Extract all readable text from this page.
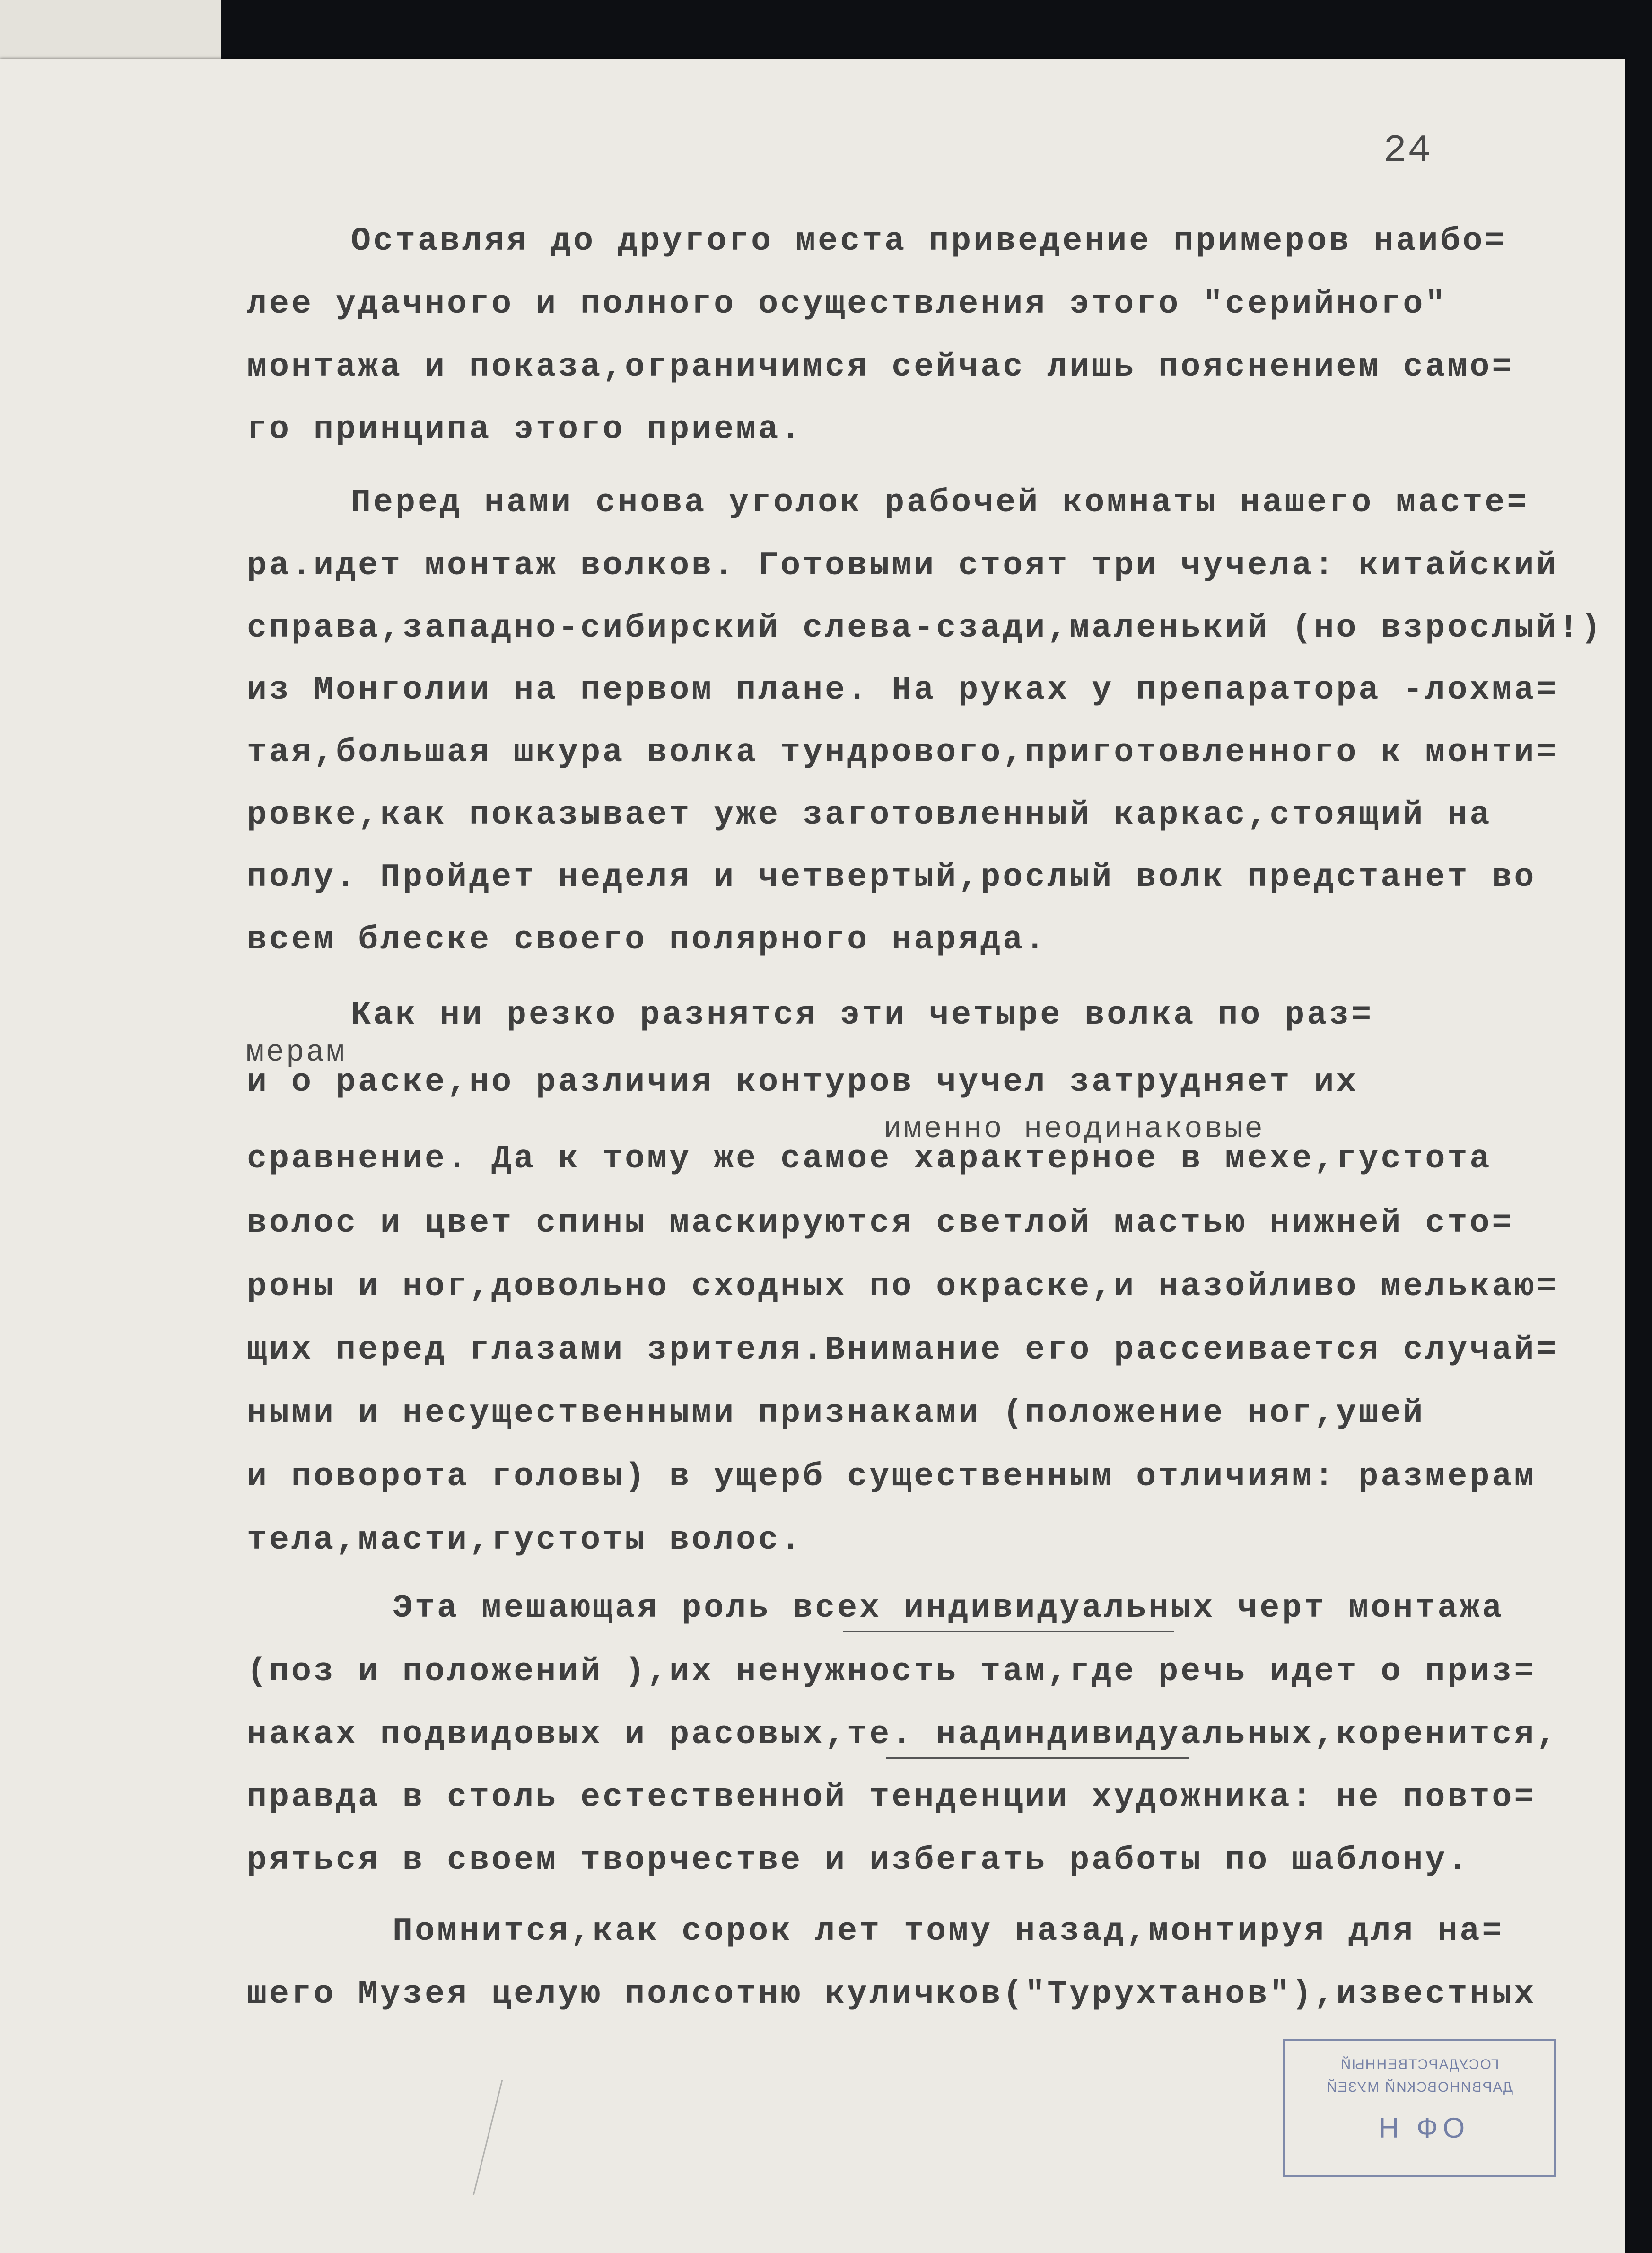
24
Оставляя до другого места приведение примеров наибо=
лее удачного и полного осуществления этого "серийного"
монтажа и показа,ограничимся сейчас лишь пояснением само=
го принципа этого приема.
Перед нами снова уголок рабочей комнаты нашего масте=
ра.идет монтаж волков. Готовыми стоят три чучела: китайский
справа,западно-сибирский слева-сзади,маленький (но взрослый!)
из Монголии на первом плане. На руках у препаратора -лохма=
тая,большая шкура волка тундрового,приготовленного к монти=
ровке,как показывает уже заготовленный каркас,стоящий на
полу. Пройдет неделя и четвертый,рослый волк предстанет во
всем блеске своего полярного наряда.
Как ни резко разнятся эти четыре волка по раз=
мерам
и о раске,но различия контуров чучел затрудняет их
именно неодинаковые
сравнение. Да к тому же самое характерное в мехе,густота
волос и цвет спины маскируются светлой мастью нижней сто=
роны и ног,довольно сходных по окраске,и назойливо мелькаю=
щих перед глазами зрителя.Внимание его рассеивается случай=
ными и несущественными признаками (положение ног,ушей
и поворота головы) в ущерб существенным отличиям: размерам
тела,масти,густоты волос.
Эта мешающая роль всех индивидуальных черт монтажа
(поз и положений ),их ненужность там,где речь идет о приз=
наках подвидовых и расовых,те. надиндивидуальных,коренится,
правда в столь естественной тенденции художника: не повто=
ряться в своем творчестве и избегать работы по шаблону.
Помнится,как сорок лет тому назад,монтируя для на=
шего Музея целую полсотню куличков("Турухтанов"),известных
ГОСУДАРСТВЕННЫЙ
ДАРВИНОВСКИЙ МУЗЕЙ
ОФ Н
